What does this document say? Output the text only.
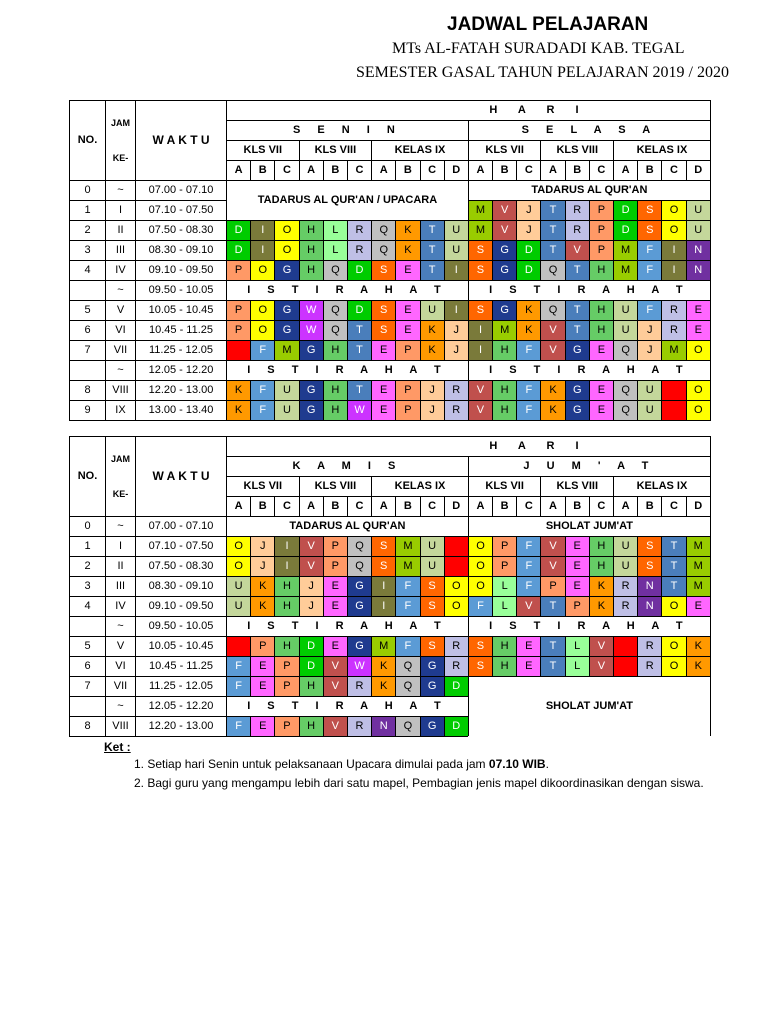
JADWAL PELAJARAN
MTs AL-FATAH SURADADI KAB. TEGAL
SEMESTER GASAL TAHUN PELAJARAN 2019 / 2020
NO.	JAM
KE-	W A K T U	H A R I																			
			S E N I N										S E L A S A									
			KLS VII			KLS VIII			KELAS IX				KLS VII			KLS VIII			KELAS IX			
			A	B	C	A	B	C	A	B	C	D	A	B	C	A	B	C	A	B	C	D
0	~	07.00 - 07.10	TADARUS AL QUR'AN / UPACARA										TADARUS AL QUR'AN									
1	I	07.10 - 07.50											M	V	J	T	R	P	D	S	O	U
2	II	07.50 - 08.30	D	I	O	H	L	R	Q	K	T	U	M	V	J	T	R	P	D	S	O	U
3	III	08.30 - 09.10	D	I	O	H	L	R	Q	K	T	U	S	G	D	T	V	P	M	F	I	N
4	IV	09.10 - 09.50	P	O	G	H	Q	D	S	E	T	I	S	G	D	Q	T	H	M	F	I	N
	~	09.50 - 10.05	I S T I R A H A T										I S T I R A H A T									
5	V	10.05 - 10.45	P	O	G	W	Q	D	S	E	U	I	S	G	K	Q	T	H	U	F	R	E
6	VI	10.45 - 11.25	P	O	G	W	Q	T	S	E	K	J	I	M	K	V	T	H	U	J	R	E
7	VII	11.25 - 12.05	C	F	M	G	H	T	E	P	K	J	I	H	F	V	G	E	Q	J	M	O
	~	12.05 - 12.20	I S T I R A H A T										I S T I R A H A T									
8	VIII	12.20 - 13.00	K	F	U	G	H	T	E	P	J	R	V	H	F	K	G	E	Q	U	C	O
9	IX	13.00 - 13.40	K	F	U	G	H	W	E	P	J	R	V	H	F	K	G	E	Q	U	C	O
NO.	JAM
KE-	W A K T U	H A R I																			
			K A M I S										J U M ' A T									
			KLS VII			KLS VIII			KELAS IX				KLS VII			KLS VIII			KELAS IX			
			A	B	C	A	B	C	A	B	C	D	A	B	C	A	B	C	A	B	C	D
0	~	07.00 - 07.10	TADARUS AL QUR'AN										SHOLAT JUM'AT									
1	I	07.10 - 07.50	O	J	I	V	P	Q	S	M	U	C	O	P	F	V	E	H	U	S	T	M
2	II	07.50 - 08.30	O	J	I	V	P	Q	S	M	U	C	O	P	F	V	E	H	U	S	T	M
3	III	08.30 - 09.10	U	K	H	J	E	G	I	F	S	O	O	L	F	P	E	K	R	N	T	M
4	IV	09.10 - 09.50	U	K	H	J	E	G	I	F	S	O	F	L	V	T	P	K	R	N	O	E
	~	09.50 - 10.05	I S T I R A H A T										I S T I R A H A T									
5	V	10.05 - 10.45	C	P	H	D	E	G	M	F	S	R	S	H	E	T	L	V	C	R	O	K
6	VI	10.45 - 11.25	F	E	P	D	V	W	K	Q	G	R	S	H	E	T	L	V	C	R	O	K
7	VII	11.25 - 12.05	F	E	P	H	V	R	K	Q	G	D	SHOLAT JUM'AT									
	~	12.05 - 12.20	I S T I R A H A T																			
8	VIII	12.20 - 13.00	F	E	P	H	V	R	N	Q	G	D										
Ket :
1. Setiap hari Senin untuk pelaksanaan Upacara dimulai pada jam 07.10 WIB.
2. Bagi guru yang mengampu lebih dari satu mapel, Pembagian jenis mapel dikoordinasikan dengan siswa.
